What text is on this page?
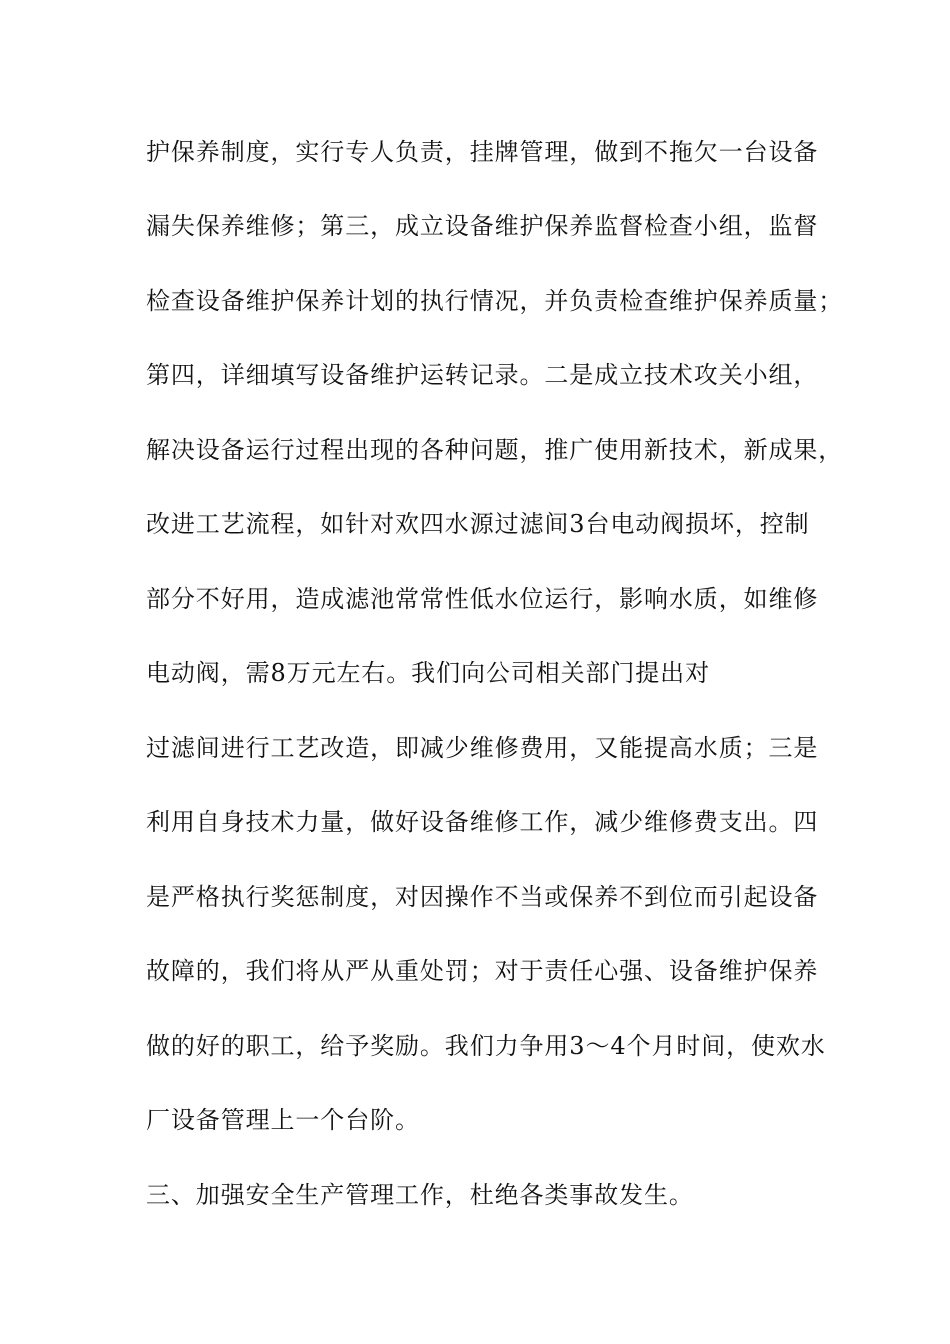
护保养制度，实行专人负责，挂牌管理，做到不拖欠一台设备
漏失保养维修；第三，成立设备维护保养监督检查小组，监督
检查设备维护保养计划的执行情况，并负责检查维护保养质量；
第四，详细填写设备维护运转记录。二是成立技术攻关小组，
解决设备运行过程出现的各种问题，推广使用新技术，新成果，
改进工艺流程，如针对欢四水源过滤间3台电动阀损坏，控制
部分不好用，造成滤池常常性低水位运行，影响水质，如维修
电动阀，需8万元左右。我们向公司相关部门提出对
过滤间进行工艺改造，即减少维修费用，又能提高水质；三是
利用自身技术力量，做好设备维修工作，减少维修费支出。四
是严格执行奖惩制度，对因操作不当或保养不到位而引起设备
故障的，我们将从严从重处罚；对于责任心强、设备维护保养
做的好的职工，给予奖励。我们力争用3～4个月时间，使欢水
厂设备管理上一个台阶。
三、加强安全生产管理工作，杜绝各类事故发生。
